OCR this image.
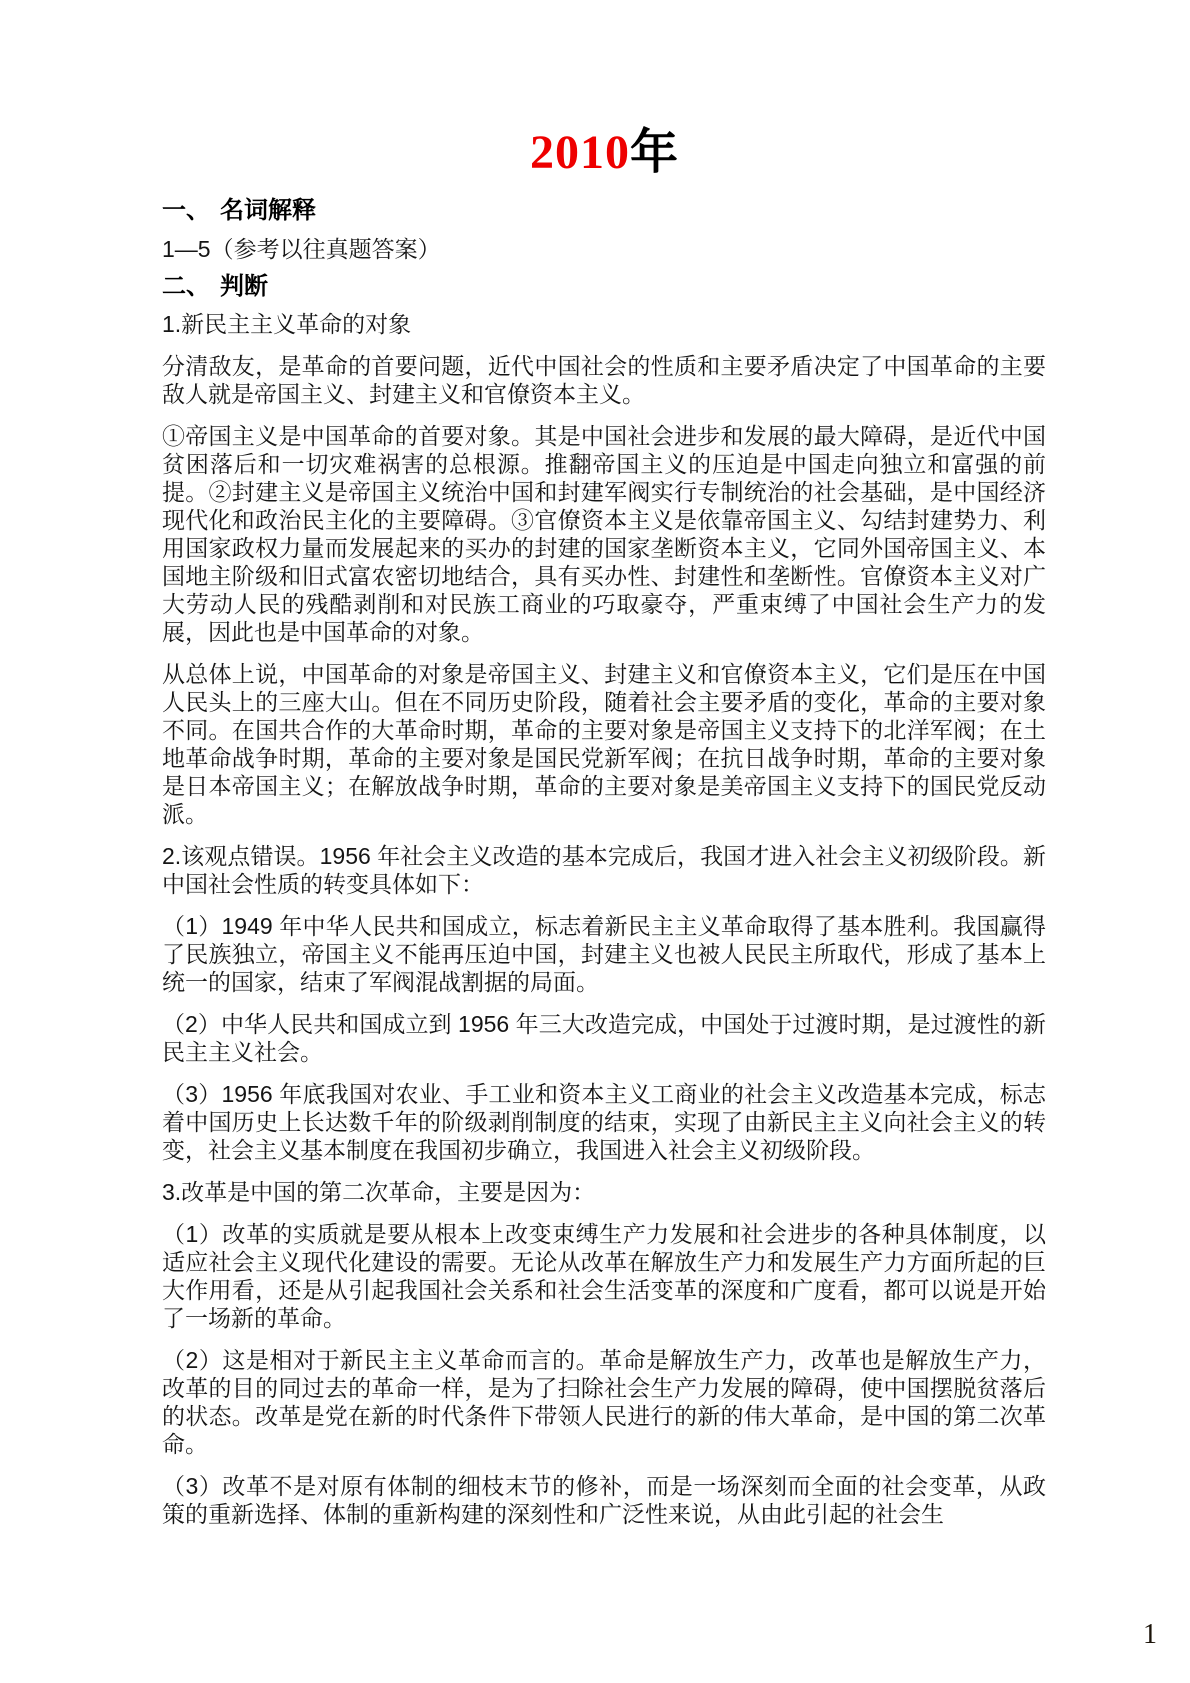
2010年

一、 名词解释

1—5（参考以往真题答案）

二、 判断

1.新民主主义革命的对象

分清敌友，是革命的首要问题，近代中国社会的性质和主要矛盾决定了中国革命的主要敌人就是帝国主义、封建主义和官僚资本主义。

①帝国主义是中国革命的首要对象。其是中国社会进步和发展的最大障碍，是近代中国贫困落后和一切灾难祸害的总根源。推翻帝国主义的压迫是中国走向独立和富强的前提。②封建主义是帝国主义统治中国和封建军阀实行专制统治的社会基础，是中国经济现代化和政治民主化的主要障碍。③官僚资本主义是依靠帝国主义、勾结封建势力、利用国家政权力量而发展起来的买办的封建的国家垄断资本主义，它同外国帝国主义、本国地主阶级和旧式富农密切地结合，具有买办性、封建性和垄断性。官僚资本主义对广大劳动人民的残酷剥削和对民族工商业的巧取豪夺，严重束缚了中国社会生产力的发展，因此也是中国革命的对象。

从总体上说，中国革命的对象是帝国主义、封建主义和官僚资本主义，它们是压在中国人民头上的三座大山。但在不同历史阶段，随着社会主要矛盾的变化，革命的主要对象不同。在国共合作的大革命时期，革命的主要对象是帝国主义支持下的北洋军阀；在土地革命战争时期，革命的主要对象是国民党新军阀；在抗日战争时期，革命的主要对象是日本帝国主义；在解放战争时期，革命的主要对象是美帝国主义支持下的国民党反动派。

2.该观点错误。1956 年社会主义改造的基本完成后，我国才进入社会主义初级阶段。新中国社会性质的转变具体如下：

（1）1949 年中华人民共和国成立，标志着新民主主义革命取得了基本胜利。我国赢得了民族独立，帝国主义不能再压迫中国，封建主义也被人民民主所取代，形成了基本上统一的国家，结束了军阀混战割据的局面。

（2）中华人民共和国成立到 1956 年三大改造完成，中国处于过渡时期，是过渡性的新民主主义社会。

（3）1956 年底我国对农业、手工业和资本主义工商业的社会主义改造基本完成，标志着中国历史上长达数千年的阶级剥削制度的结束，实现了由新民主主义向社会主义的转变，社会主义基本制度在我国初步确立，我国进入社会主义初级阶段。

3.改革是中国的第二次革命，主要是因为：

（1）改革的实质就是要从根本上改变束缚生产力发展和社会进步的各种具体制度，以适应社会主义现代化建设的需要。无论从改革在解放生产力和发展生产力方面所起的巨大作用看，还是从引起我国社会关系和社会生活变革的深度和广度看，都可以说是开始了一场新的革命。

（2）这是相对于新民主主义革命而言的。革命是解放生产力，改革也是解放生产力，改革的目的同过去的革命一样，是为了扫除社会生产力发展的障碍，使中国摆脱贫落后的状态。改革是党在新的时代条件下带领人民进行的新的伟大革命，是中国的第二次革命。

（3）改革不是对原有体制的细枝末节的修补，而是一场深刻而全面的社会变革，从政策的重新选择、体制的重新构建的深刻性和广泛性来说，从由此引起的社会生

1
